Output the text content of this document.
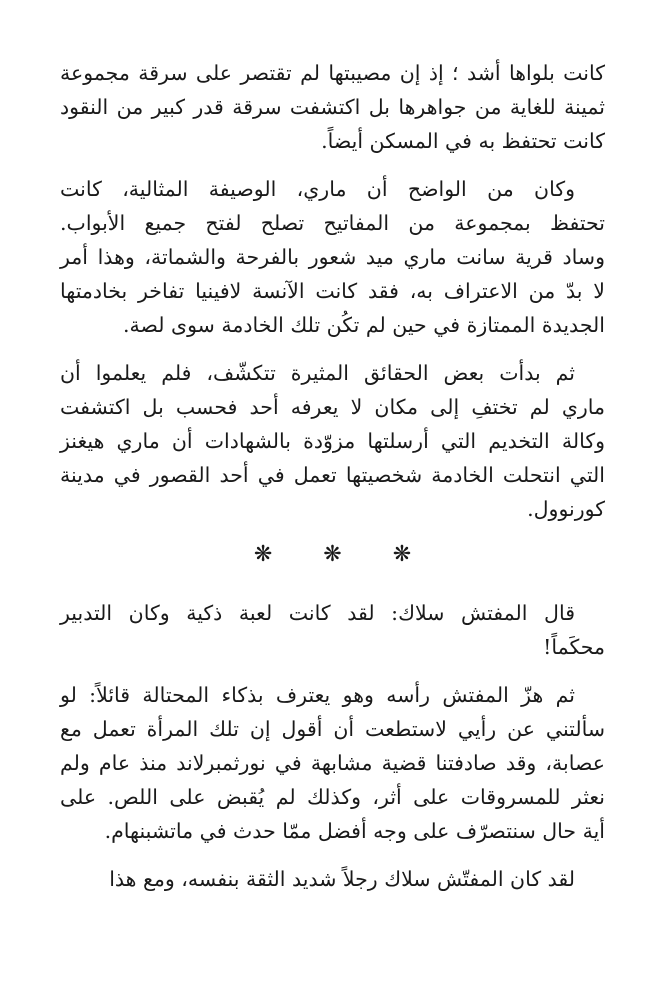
كانت بلواها أشد ؛ إذ إن مصيبتها لم تقتصر على سرقة مجموعة
ثمينة للغاية من جواهرها بل اكتشفت سرقة قدر كبير من النقود
كانت تحتفظ به في المسكن أيضاً.
وكان من الواضح أن ماري، الوصيفة المثالية، كانت
تحتفظ بمجموعة من المفاتيح تصلح لفتح جميع الأبواب.
وساد قرية سانت ماري ميد شعور بالفرحة والشماتة، وهذا أمر
لا بدّ من الاعتراف به، فقد كانت الآنسة لافينيا تفاخر بخادمتها
الجديدة الممتازة في حين لم تكُن تلك الخادمة سوى لصة.
ثم بدأت بعض الحقائق المثيرة تتكشّف، فلم يعلموا أن
ماري لم تختفِ إلى مكان لا يعرفه أحد فحسب بل اكتشفت
وكالة التخديم التي أرسلتها مزوّدة بالشهادات أن ماري هيغنز
التي انتحلت الخادمة شخصيتها تعمل في أحد القصور في مدينة
كورنوول.
❋ ❋ ❋
قال المفتش سلاك: لقد كانت لعبة ذكية وكان التدبير
محكَماً!
ثم هزّ المفتش رأسه وهو يعترف بذكاء المحتالة قائلاً: لو
سألتني عن رأيي لاستطعت أن أقول إن تلك المرأة تعمل مع
عصابة، وقد صادفتنا قضية مشابهة في نورثمبرلاند منذ عام ولم
نعثر للمسروقات على أثر، وكذلك لم يُقبض على اللص. على
أية حال سنتصرّف على وجه أفضل ممّا حدث في ماتشبنهام.
لقد كان المفتّش سلاك رجلاً شديد الثقة بنفسه، ومع هذا
